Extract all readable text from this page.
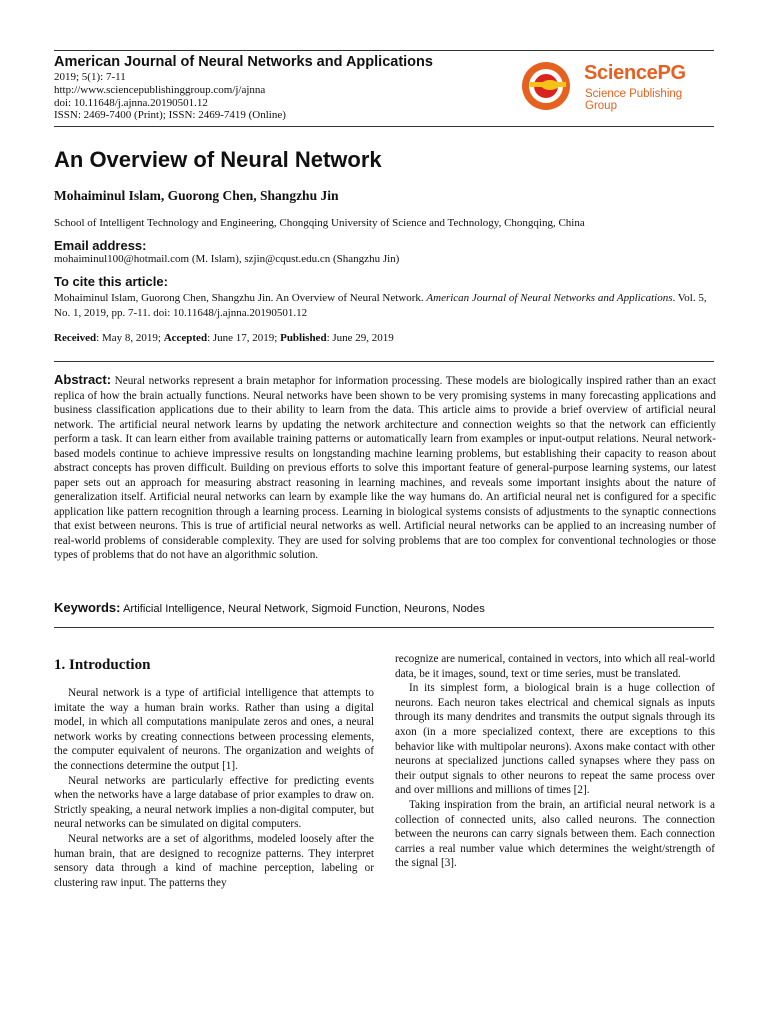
American Journal of Neural Networks and Applications
2019; 5(1): 7-11
http://www.sciencepublishinggroup.com/j/ajnna
doi: 10.11648/j.ajnna.20190501.12
ISSN: 2469-7400 (Print); ISSN: 2469-7419 (Online)
SciencePG
Science Publishing Group
An Overview of Neural Network
Mohaiminul Islam, Guorong Chen, Shangzhu Jin
School of Intelligent Technology and Engineering, Chongqing University of Science and Technology, Chongqing, China
Email address:
mohaiminul100@hotmail.com (M. Islam), szjin@cqust.edu.cn (Shangzhu Jin)
To cite this article:
Mohaiminul Islam, Guorong Chen, Shangzhu Jin. An Overview of Neural Network. American Journal of Neural Networks and Applications. Vol. 5, No. 1, 2019, pp. 7-11. doi: 10.11648/j.ajnna.20190501.12
Received: May 8, 2019; Accepted: June 17, 2019; Published: June 29, 2019
Abstract: Neural networks represent a brain metaphor for information processing. These models are biologically inspired rather than an exact replica of how the brain actually functions. Neural networks have been shown to be very promising systems in many forecasting applications and business classification applications due to their ability to learn from the data. This article aims to provide a brief overview of artificial neural network. The artificial neural network learns by updating the network architecture and connection weights so that the network can efficiently perform a task. It can learn either from available training patterns or automatically learn from examples or input-output relations. Neural network-based models continue to achieve impressive results on longstanding machine learning problems, but establishing their capacity to reason about abstract concepts has proven difficult. Building on previous efforts to solve this important feature of general-purpose learning systems, our latest paper sets out an approach for measuring abstract reasoning in learning machines, and reveals some important insights about the nature of generalization itself. Artificial neural networks can learn by example like the way humans do. An artificial neural net is configured for a specific application like pattern recognition through a learning process. Learning in biological systems consists of adjustments to the synaptic connections that exist between neurons. This is true of artificial neural networks as well. Artificial neural networks can be applied to an increasing number of real-world problems of considerable complexity. They are used for solving problems that are too complex for conventional technologies or those types of problems that do not have an algorithmic solution.
Keywords: Artificial Intelligence, Neural Network, Sigmoid Function, Neurons, Nodes
1. Introduction

Neural network is a type of artificial intelligence that attempts to imitate the way a human brain works. Rather than using a digital model, in which all computations manipulate zeros and ones, a neural network works by creating connections between processing elements, the computer equivalent of neurons. The organization and weights of the connections determine the output [1].

Neural networks are particularly effective for predicting events when the networks have a large database of prior examples to draw on. Strictly speaking, a neural network implies a non-digital computer, but neural networks can be simulated on digital computers.

Neural networks are a set of algorithms, modeled loosely after the human brain, that are designed to recognize patterns. They interpret sensory data through a kind of machine perception, labeling or clustering raw input. The patterns they

recognize are numerical, contained in vectors, into which all real-world data, be it images, sound, text or time series, must be translated.

In its simplest form, a biological brain is a huge collection of neurons. Each neuron takes electrical and chemical signals as inputs through its many dendrites and transmits the output signals through its axon (in a more specialized context, there are exceptions to this behavior like with multipolar neurons). Axons make contact with other neurons at specialized junctions called synapses where they pass on their output signals to other neurons to repeat the same process over and over millions and millions of times [2].

Taking inspiration from the brain, an artificial neural network is a collection of connected units, also called neurons. The connection between the neurons can carry signals between them. Each connection carries a real number value which determines the weight/strength of the signal [3].
